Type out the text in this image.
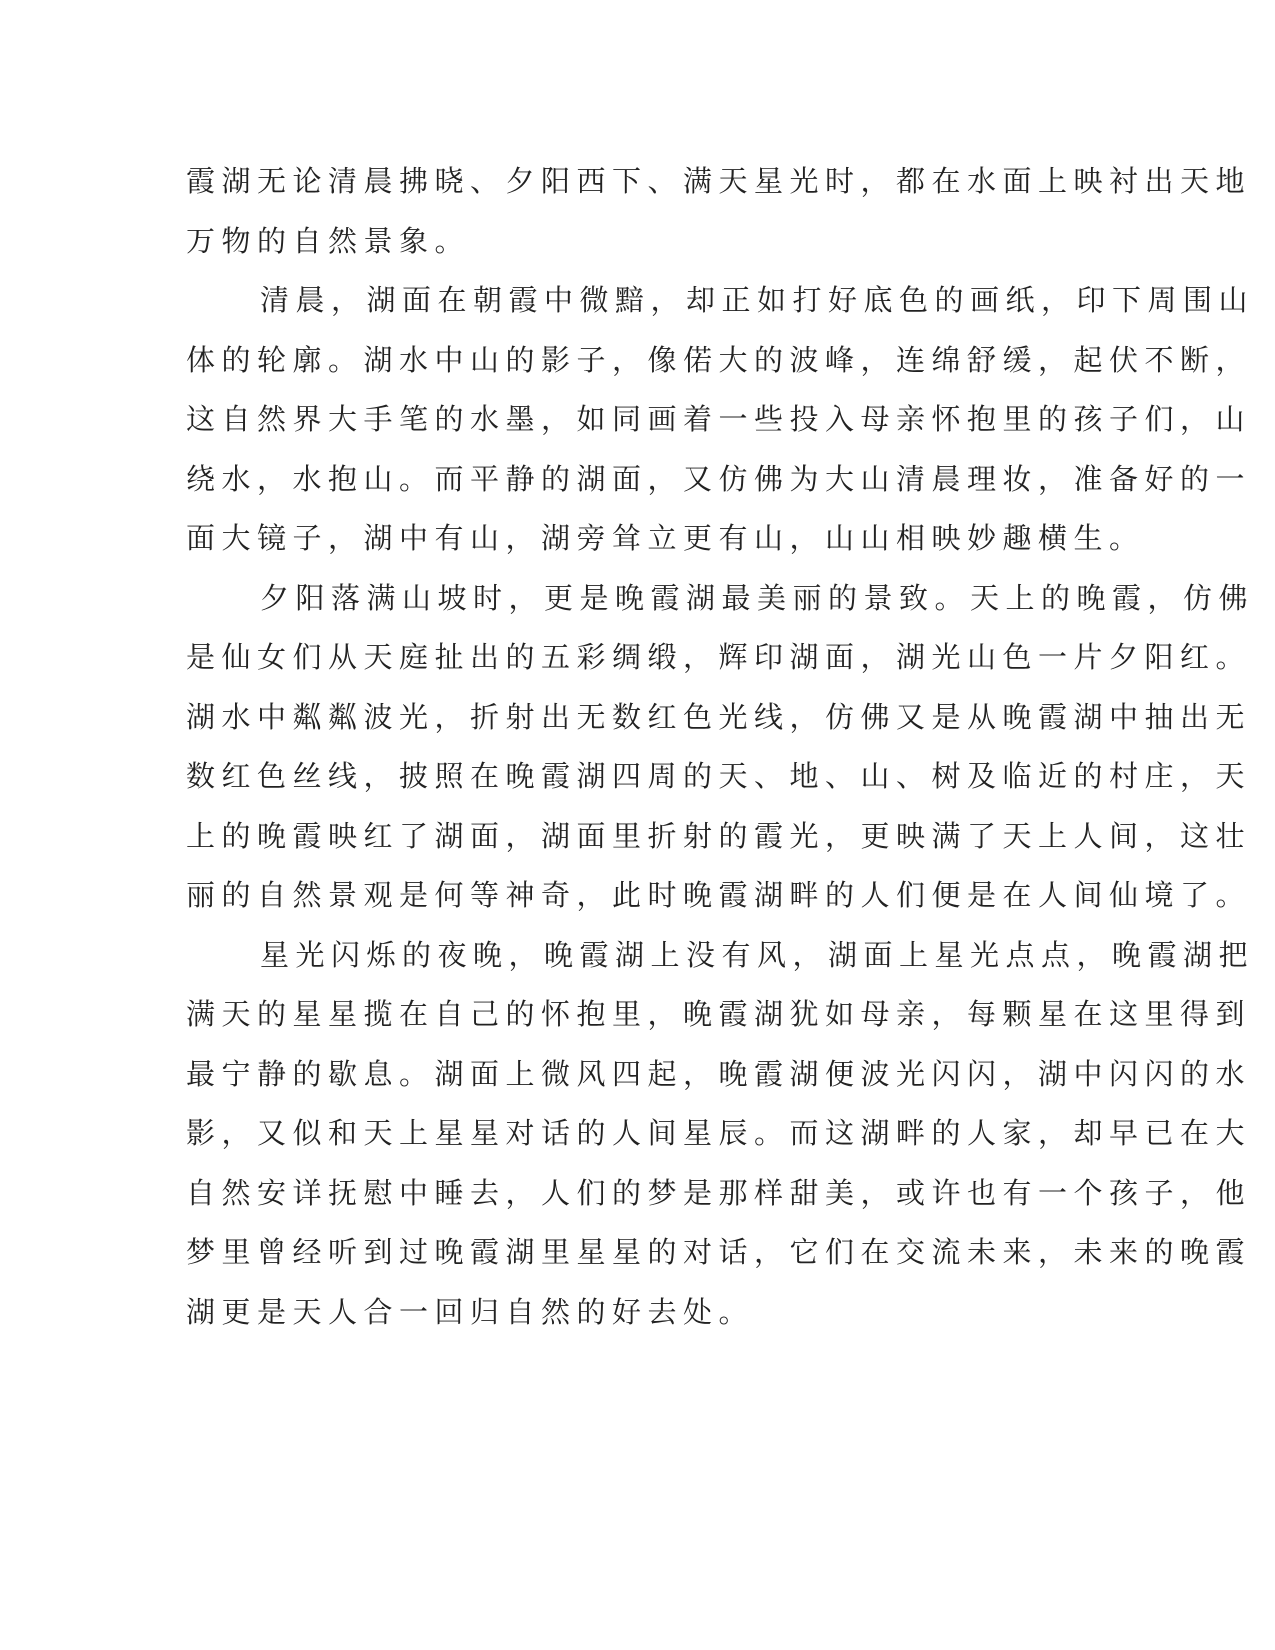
霞湖无论清晨拂晓、夕阳西下、满天星光时，都在水面上映衬出天地
万物的自然景象。
清晨，湖面在朝霞中微黯，却正如打好底色的画纸，印下周围山
体的轮廓。湖水中山的影子，像偌大的波峰，连绵舒缓，起伏不断，
这自然界大手笔的水墨，如同画着一些投入母亲怀抱里的孩子们，山
绕水，水抱山。而平静的湖面，又仿佛为大山清晨理妆，准备好的一
面大镜子，湖中有山，湖旁耸立更有山，山山相映妙趣横生。
夕阳落满山坡时，更是晚霞湖最美丽的景致。天上的晚霞，仿佛
是仙女们从天庭扯出的五彩绸缎，辉印湖面，湖光山色一片夕阳红。
湖水中粼粼波光，折射出无数红色光线，仿佛又是从晚霞湖中抽出无
数红色丝线，披照在晚霞湖四周的天、地、山、树及临近的村庄，天
上的晚霞映红了湖面，湖面里折射的霞光，更映满了天上人间，这壮
丽的自然景观是何等神奇，此时晚霞湖畔的人们便是在人间仙境了。
星光闪烁的夜晚，晚霞湖上没有风，湖面上星光点点，晚霞湖把
满天的星星揽在自己的怀抱里，晚霞湖犹如母亲，每颗星在这里得到
最宁静的歇息。湖面上微风四起，晚霞湖便波光闪闪，湖中闪闪的水
影，又似和天上星星对话的人间星辰。而这湖畔的人家，却早已在大
自然安详抚慰中睡去，人们的梦是那样甜美，或许也有一个孩子，他
梦里曾经听到过晚霞湖里星星的对话，它们在交流未来，未来的晚霞
湖更是天人合一回归自然的好去处。
